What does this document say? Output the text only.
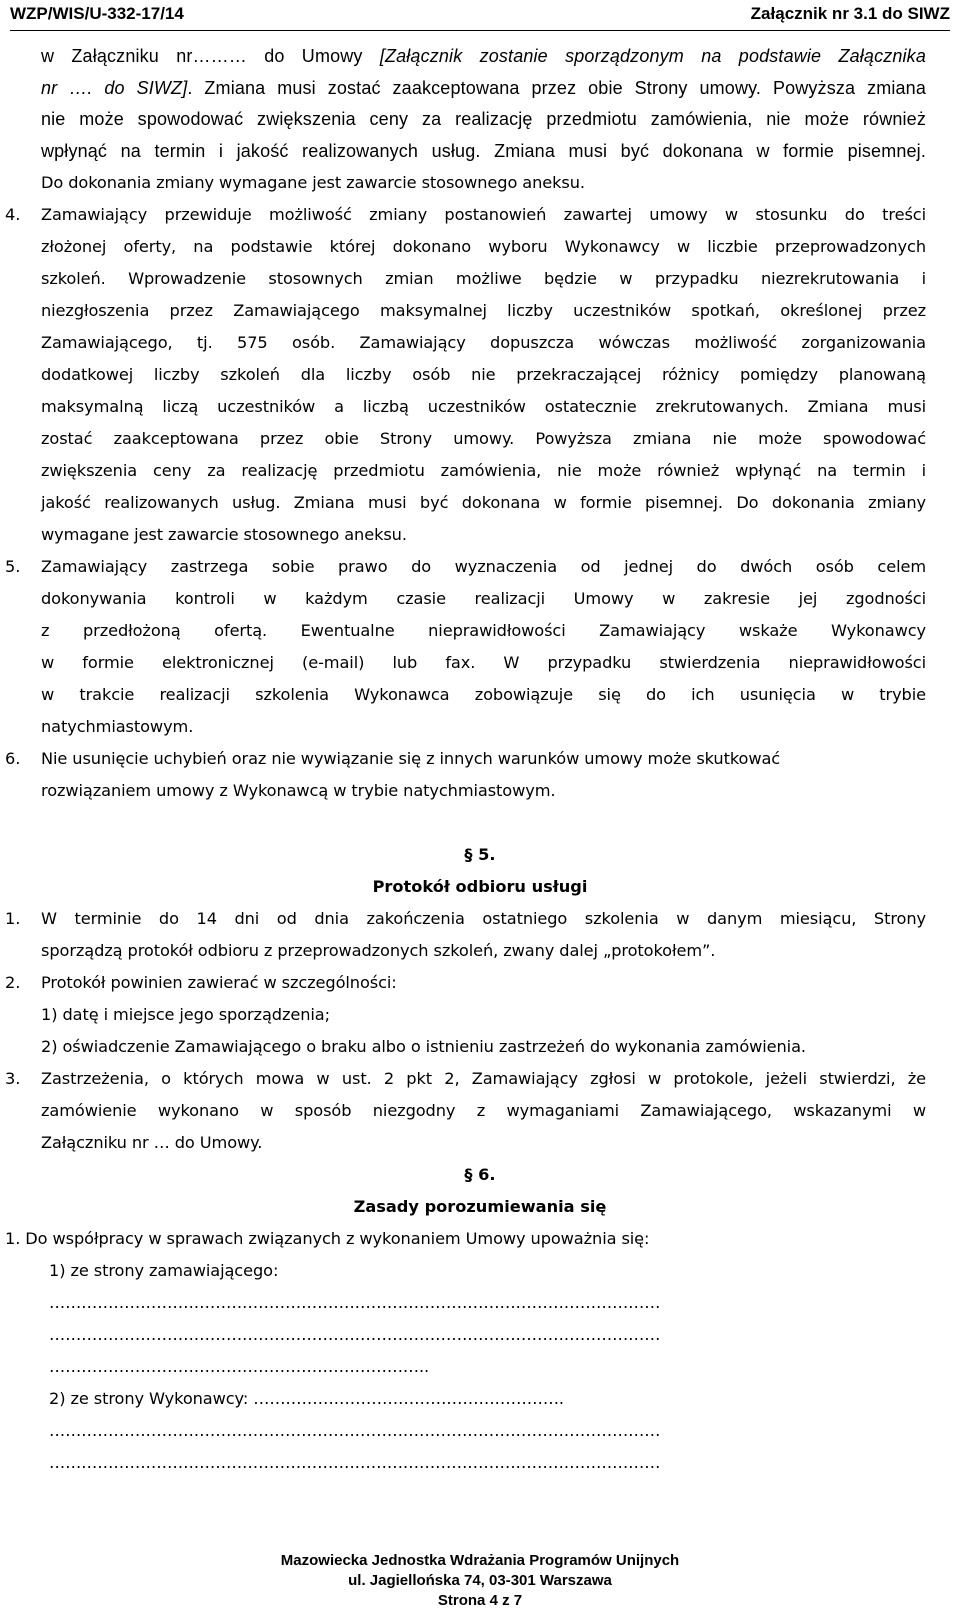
WZP/WIS/U-332-17/14	Załącznik nr 3.1 do SIWZ
w Załączniku nr……… do Umowy [Załącznik zostanie sporządzonym na podstawie Załącznika
nr …. do SIWZ]. Zmiana musi zostać zaakceptowana przez obie Strony umowy. Powyższa zmiana
nie może spowodować zwiększenia ceny za realizację przedmiotu zamówienia, nie może również
wpłynąć na termin i jakość realizowanych usług. Zmiana musi być dokonana w formie pisemnej.
Do dokonania zmiany wymagane jest zawarcie stosownego aneksu.
4. Zamawiający przewiduje możliwość zmiany postanowień zawartej umowy w stosunku do treści
złożonej oferty, na podstawie której dokonano wyboru Wykonawcy w liczbie przeprowadzonych
szkoleń. Wprowadzenie stosownych zmian możliwe będzie w przypadku niezrekrutowania i
niezgłoszenia przez Zamawiającego maksymalnej liczby uczestników spotkań, określonej przez
Zamawiającego, tj. 575 osób. Zamawiający dopuszcza wówczas możliwość zorganizowania
dodatkowej liczby szkoleń dla liczby osób nie przekraczającej różnicy pomiędzy planowaną
maksymalną liczą uczestników a liczbą uczestników ostatecznie zrekrutowanych. Zmiana musi
zostać zaakceptowana przez obie Strony umowy. Powyższa zmiana nie może spowodować
zwiększenia ceny za realizację przedmiotu zamówienia, nie może również wpłynąć na termin i
jakość realizowanych usług. Zmiana musi być dokonana w formie pisemnej. Do dokonania zmiany
wymagane jest zawarcie stosownego aneksu.
5. Zamawiający zastrzega sobie prawo do wyznaczenia od jednej do dwóch osób celem
dokonywania kontroli w każdym czasie realizacji Umowy w zakresie jej zgodności
z przedłożoną ofertą. Ewentualne nieprawidłowości Zamawiający wskaże Wykonawcy
w formie elektronicznej (e-mail) lub fax. W przypadku stwierdzenia nieprawidłowości
w trakcie realizacji szkolenia Wykonawca zobowiązuje się do ich usunięcia w trybie
natychmiastowym.
6. Nie usunięcie uchybień oraz nie wywiązanie się z innych warunków umowy może skutkować
rozwiązaniem umowy z Wykonawcą w trybie natychmiastowym.
§ 5.
Protokół odbioru usługi
1. W terminie do 14 dni od dnia zakończenia ostatniego szkolenia w danym miesiącu, Strony
sporządzą protokół odbioru z przeprowadzonych szkoleń, zwany dalej „protokołem”.
2. Protokół powinien zawierać w szczególności:
1) datę i miejsce jego sporządzenia;
2) oświadczenie Zamawiającego o braku albo o istnieniu zastrzeżeń do wykonania zamówienia.
3. Zastrzeżenia, o których mowa w ust. 2 pkt 2, Zamawiający zgłosi w protokole, jeżeli stwierdzi, że
zamówienie wykonano w sposób niezgodny z wymaganiami Zamawiającego, wskazanymi w
Załączniku nr … do Umowy.
§ 6.
Zasady porozumiewania się
1. Do współpracy w sprawach związanych z wykonaniem Umowy upoważnia się:
1) ze strony zamawiającego:
……………………………………………………………………………………………………
……………………………………………………………………………………………………
……………………………………………………………..
2) ze strony Wykonawcy: ………………………………………………….
……………………………………………………………………………………………………
……………………………………………………………………………………………………
Mazowiecka Jednostka Wdrażania Programów Unijnych
ul. Jagiellońska 74, 03-301 Warszawa
Strona 4 z 7
